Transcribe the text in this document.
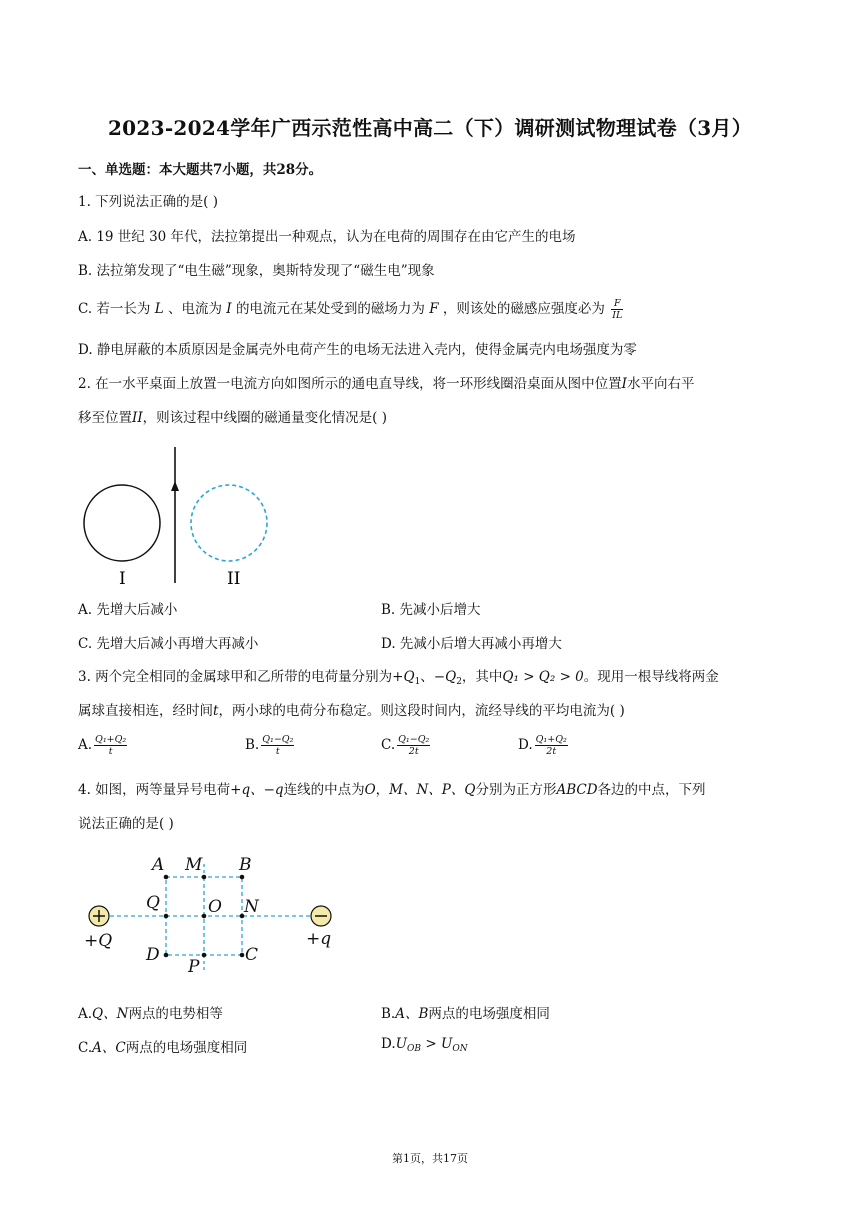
2023-2024学年广西示范性高中高二（下）调研测试物理试卷（3月）
一、单选题：本大题共7小题，共28分。
1. 下列说法正确的是( )
A. 19 世纪 30 年代，法拉第提出一种观点，认为在电荷的周围存在由它产生的电场
B. 法拉第发现了“电生磁”现象，奥斯特发现了“磁生电”现象
C. 若一长为 L 、电流为 I 的电流元在某处受到的磁场力为 F ，则该处的磁感应强度必为 $\frac{F}{IL}$
D. 静电屏蔽的本质原因是金属壳外电荷产生的电场无法进入壳内，使得金属壳内电场强度为零
2. 在一水平桌面上放置一电流方向如图所示的通电直导线，将一环形线圈沿桌面从图中位置I水平向右平
移至位置II，则该过程中线圈的磁通量变化情况是( )
I	II
A. 先增大后减小	B. 先减小后增大
C. 先增大后减小再增大再减小	D. 先减小后增大再减小再增大
3. 两个完全相同的金属球甲和乙所带的电荷量分别为$+Q_1$、$-Q_2$，其中Q₁ > Q₂ > 0。现用一根导线将两金
属球直接相连，经时间t，两小球的电荷分布稳定。则这段时间内，流经导线的平均电流为( )
A. $\frac{\text{Q₁+Q₂}}{t}$	B. $\frac{\text{Q₁−Q₂}}{t}$	C. $\frac{\text{Q₁−Q₂}}{2t}$	D. $\frac{\text{Q₁+Q₂}}{2t}$
4. 如图，两等量异号电荷+q、−q连线的中点为O，M、N、P、Q分别为正方形ABCD各边的中点，下列
说法正确的是( )
A M B
Q	O N
D
P
C
+Q	+q
A.Q、N两点的电势相等	B.A、B两点的电场强度相同
C.A、C两点的电场强度相同	$D.U_{OB} > U_{ON}$
第1页，共17页
